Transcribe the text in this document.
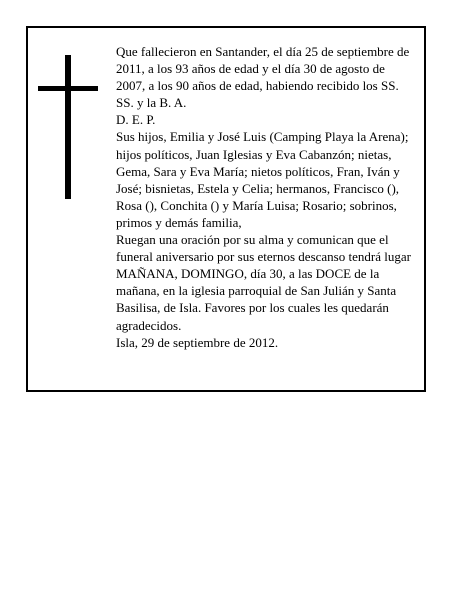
Que fallecieron en Santander, el día 25 de septiembre de 2011, a los 93 años de edad y el día 30 de agosto de 2007, a los 90 años de edad, habiendo recibido los SS. SS. y la B. A.

D. E. P.

Sus hijos, Emilia y José Luis (Camping Playa la Arena); hijos políticos, Juan Iglesias y Eva Cabanzón; nietas, Gema, Sara y Eva María; nietos políticos, Fran, Iván y José; bisnietas, Estela y Celia; hermanos, Francisco (), Rosa (), Conchita () y María Luisa; Rosario; sobrinos, primos y demás familia,

Ruegan una oración por su alma y comunican que el funeral aniversario por sus eternos descanso tendrá lugar MAÑANA, DOMINGO, día 30, a las DOCE de la mañana, en la iglesia parroquial de San Julián y Santa Basilisa, de Isla. Favores por los cuales les quedarán agradecidos.

Isla, 29 de septiembre de 2012.
